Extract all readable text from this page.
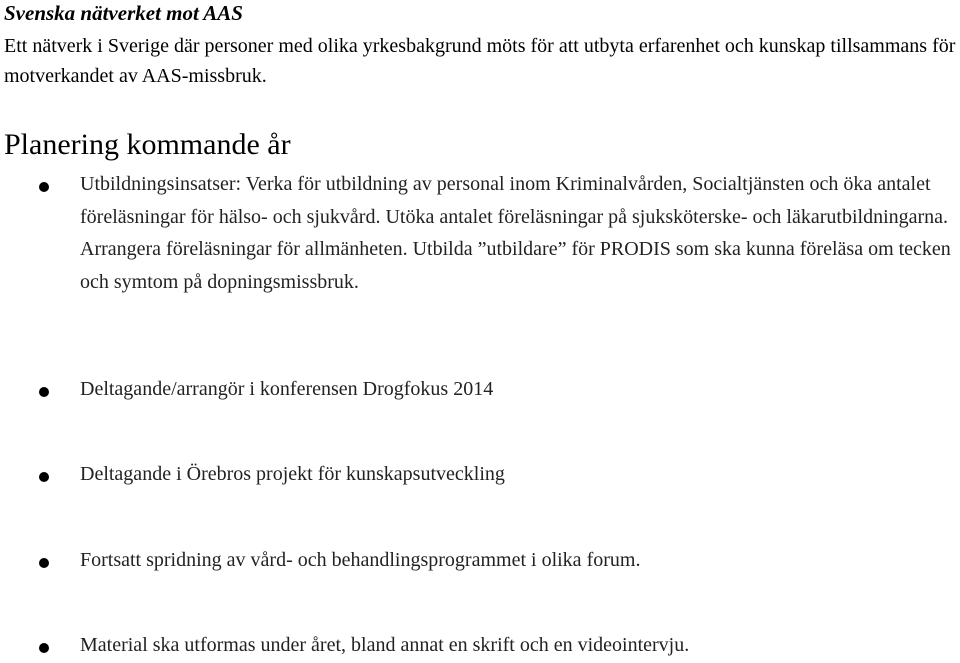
Svenska nätverket mot AAS
Ett nätverk i Sverige där personer med olika yrkesbakgrund möts för att utbyta erfarenhet och kunskap tillsammans för motverkandet av AAS-missbruk.
Planering kommande år
Utbildningsinsatser: Verka för utbildning av personal inom Kriminalvården, Socialtjänsten och öka antalet föreläsningar för hälso- och sjukvård. Utöka antalet föreläsningar på sjuksköterske- och läkarutbildningarna. Arrangera föreläsningar för allmänheten. Utbilda ”utbildare” för PRODIS som ska kunna föreläsa om tecken och symtom på dopningsmissbruk.
Deltagande/arrangör i konferensen Drogfokus 2014
Deltagande i Örebros projekt för kunskapsutveckling
Fortsatt spridning av vård- och behandlingsprogrammet i olika forum.
Material ska utformas under året, bland annat en skrift och en videointervju.
